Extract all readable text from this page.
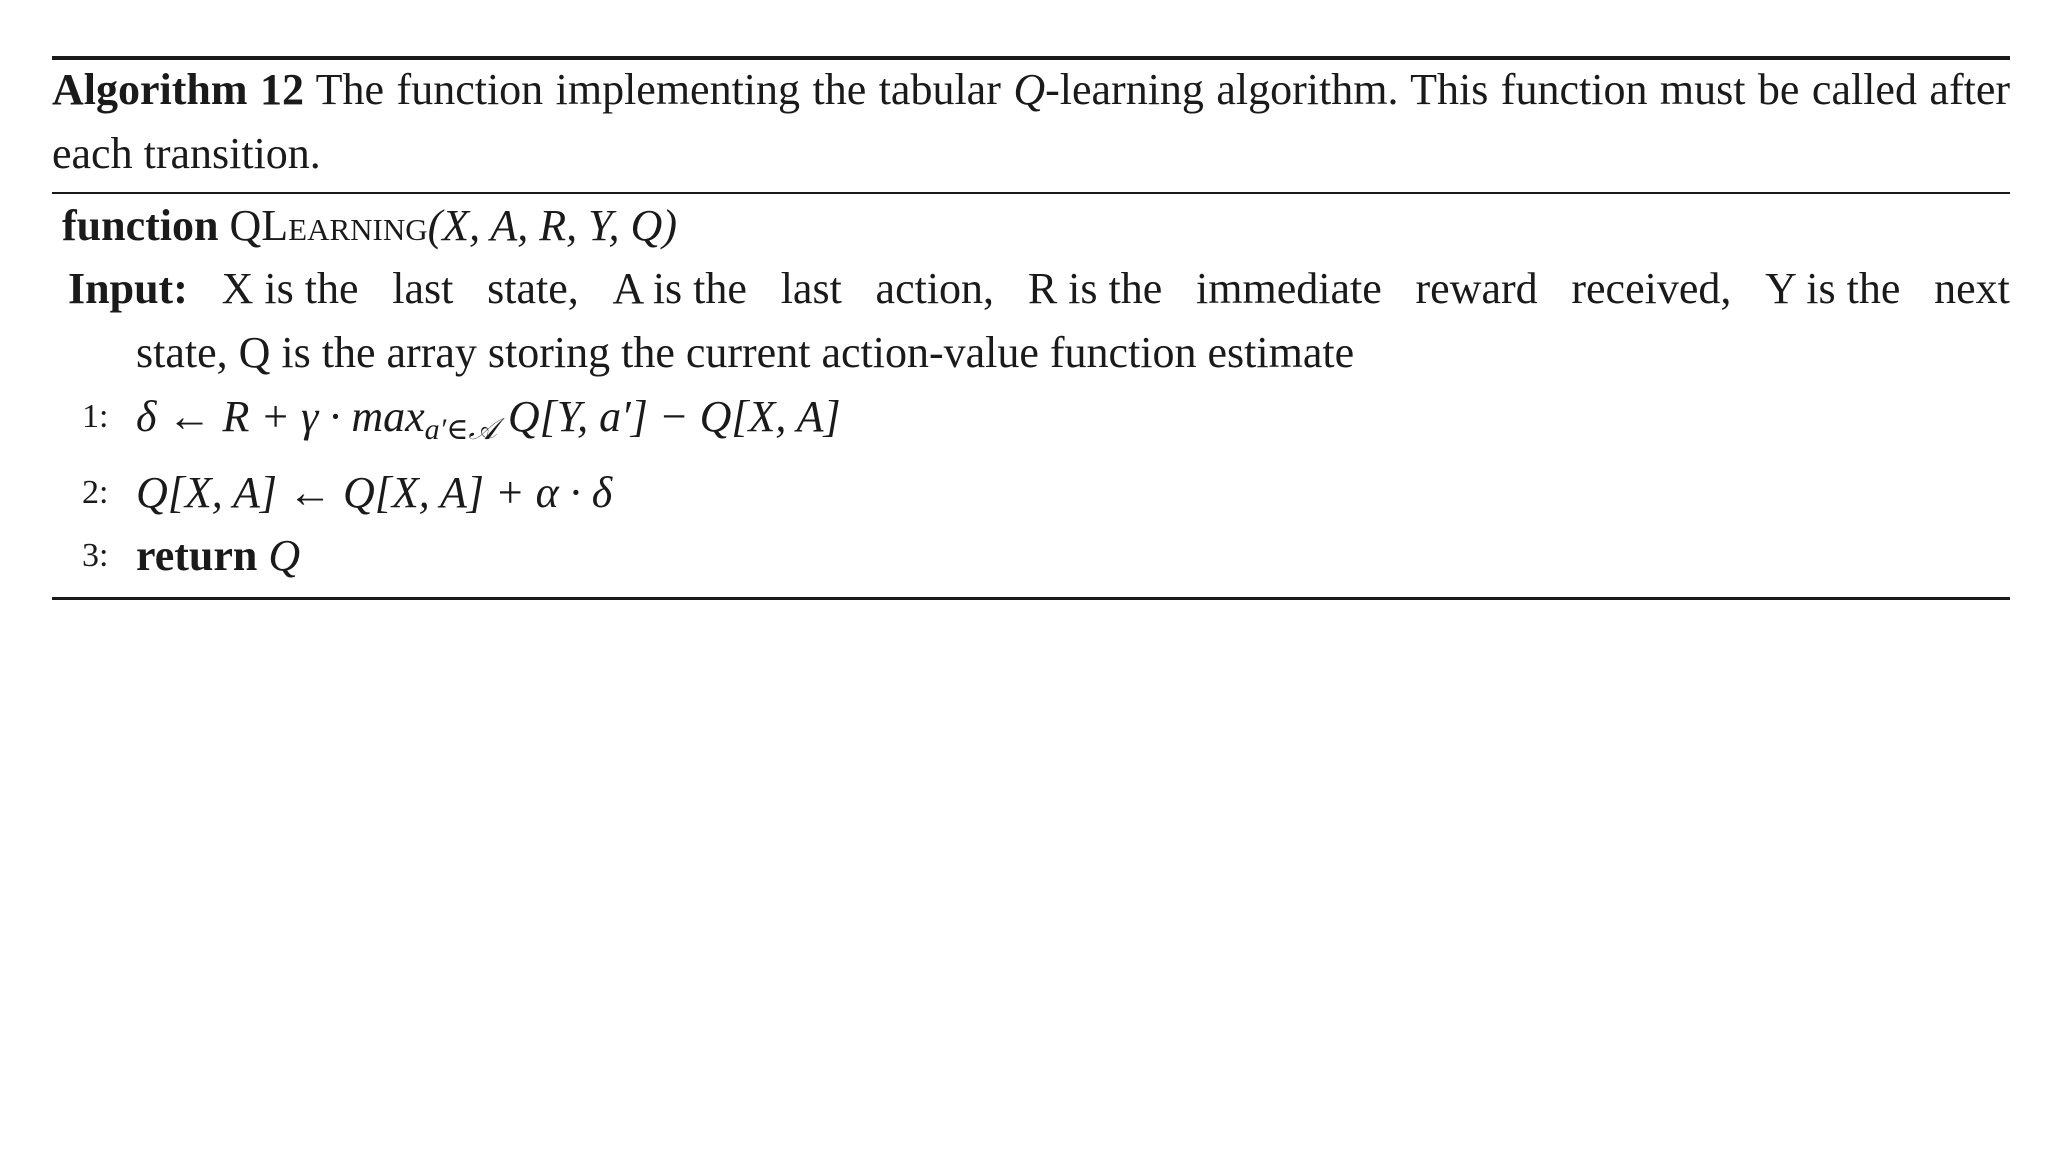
Algorithm 12 The function implementing the tabular Q-learning algorithm. This function must be called after each transition.
function QLearning(X, A, R, Y, Q)
Input: X is the last state, A is the last action, R is the immediate reward received, Y is the next
state, Q is the array storing the current action-value function estimate
1: δ ← $R + \gamma \cdot \max_{a'\in 𝒜} Q[Y$, a′] − Q[X, A]
2: Q[X, A] ← Q[X, A] + α · δ
3: return Q
